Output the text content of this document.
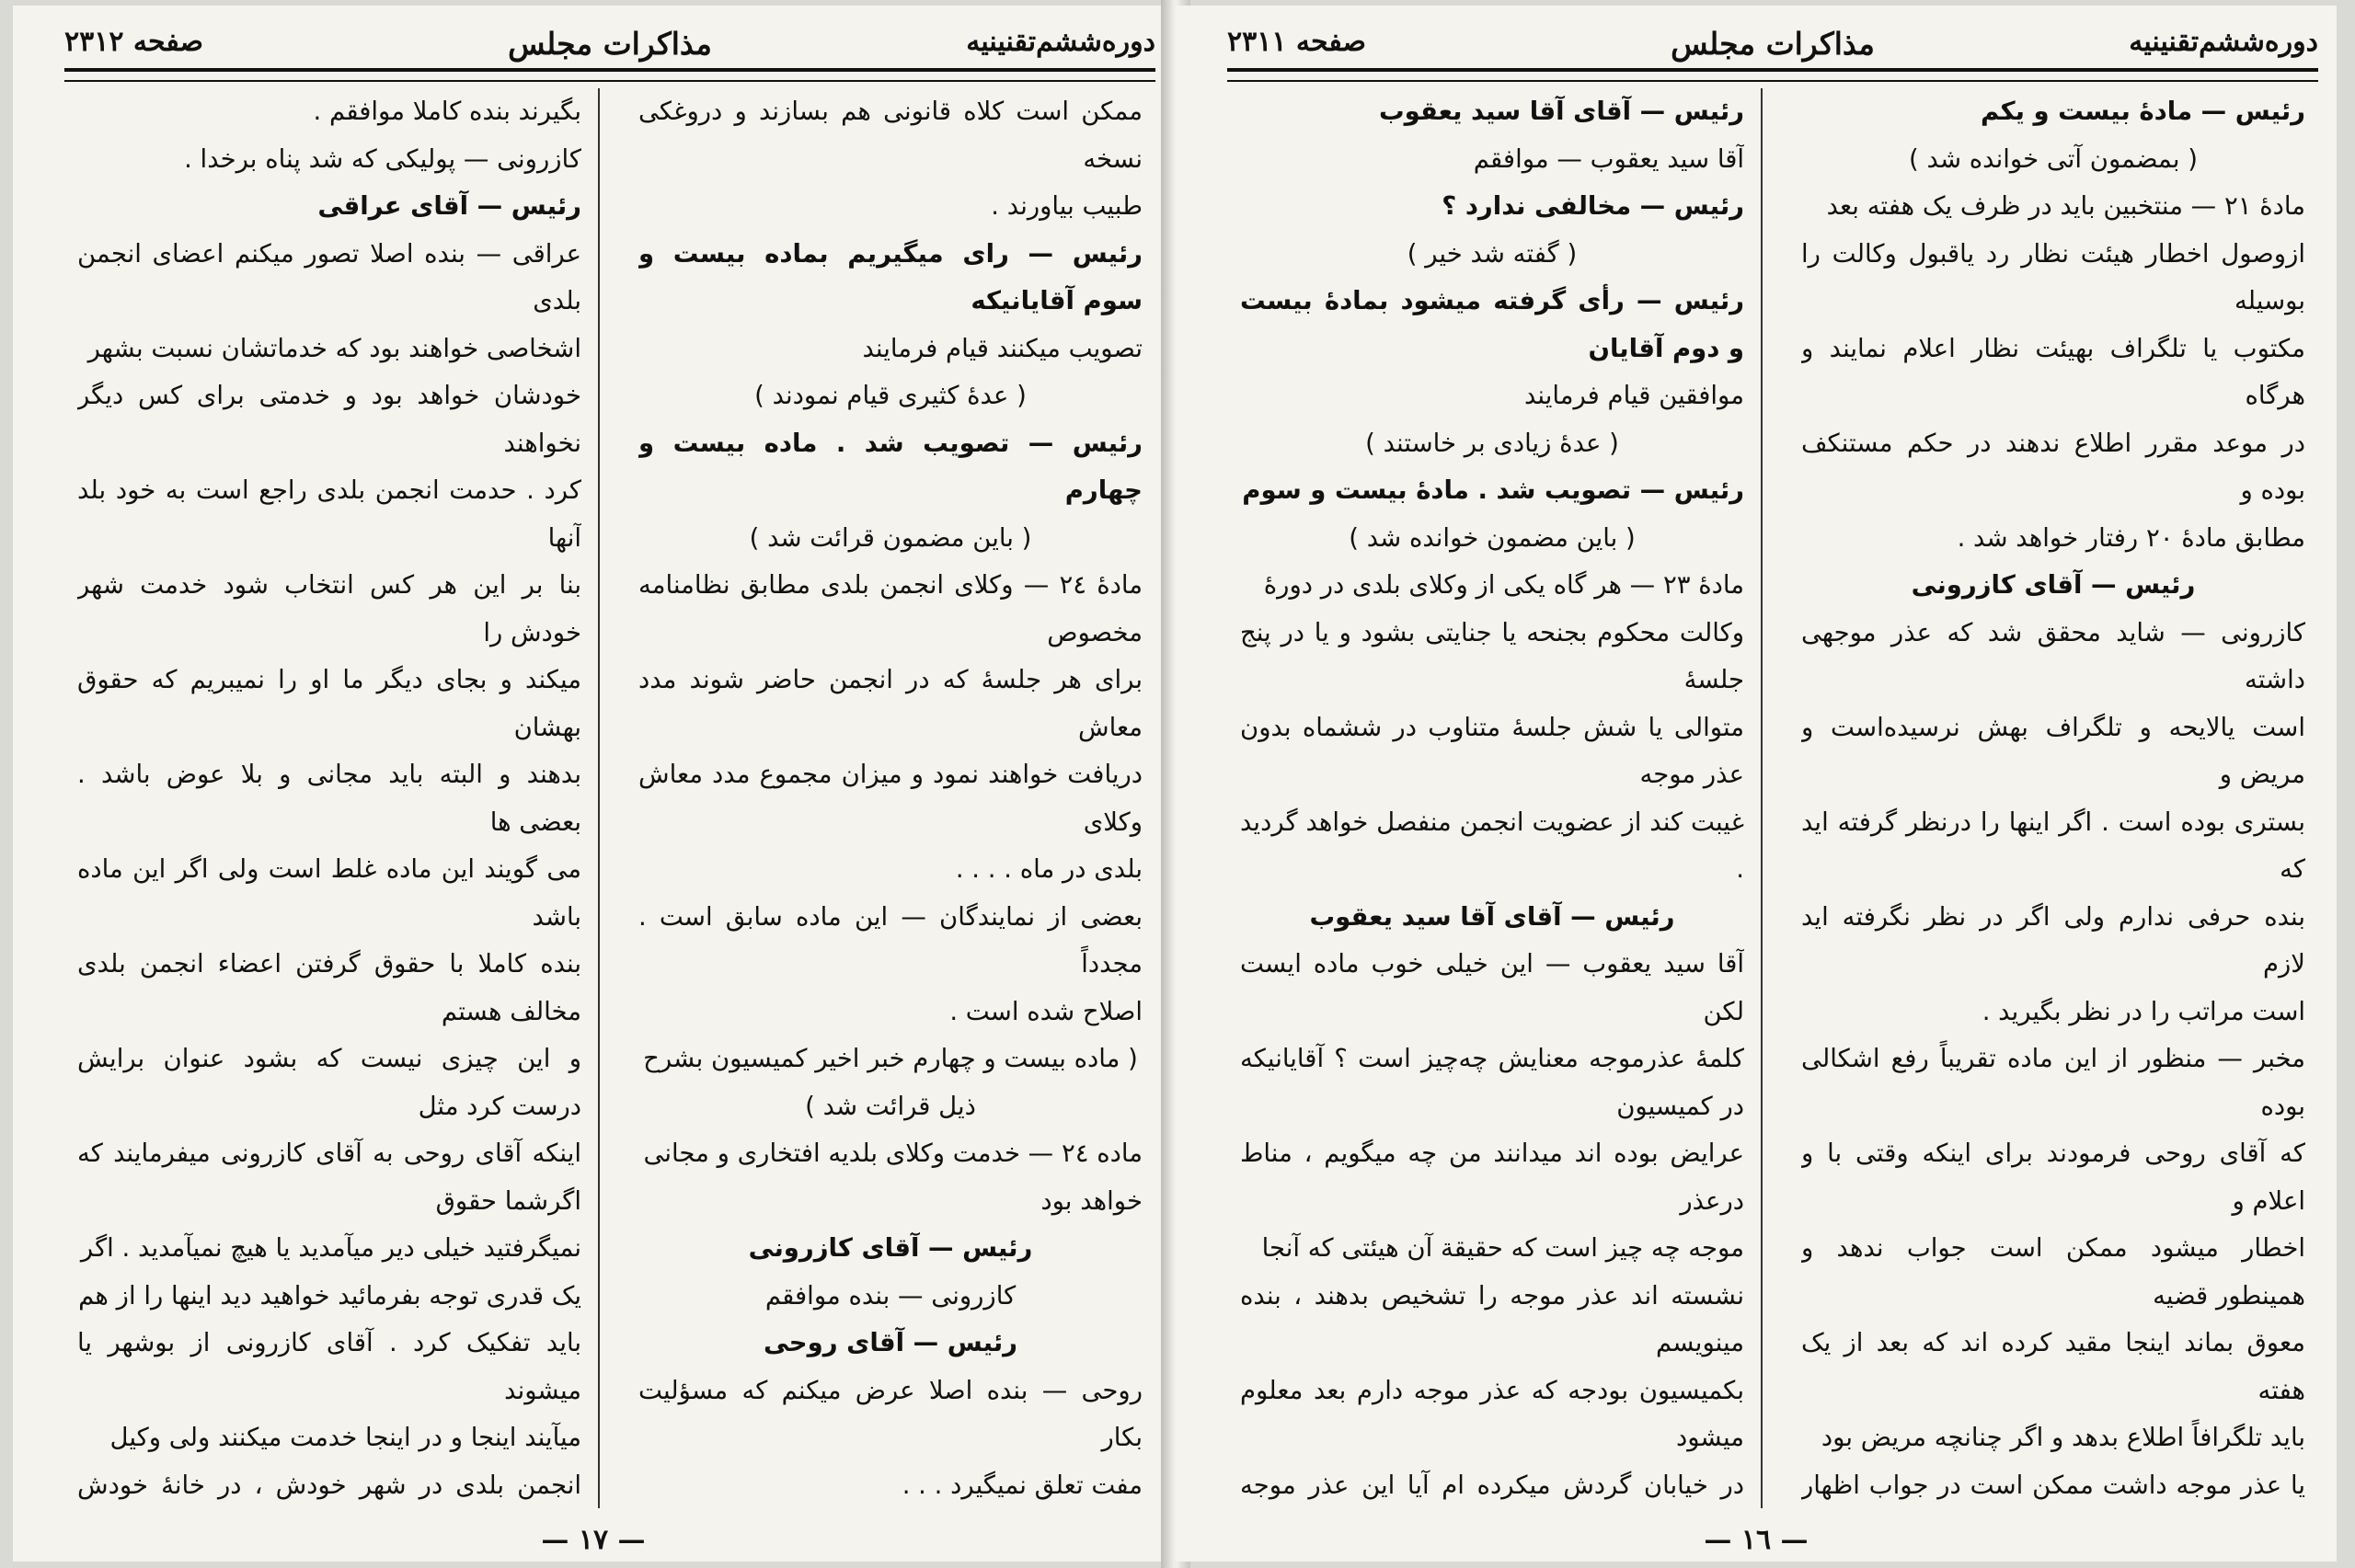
دوره‌ششم‌تقنینیه
مذاکرات مجلس
صفحه ۲۳۱۲

ممکن است کلاه قانونی هم بسازند و دروغکی نسخه

طبیب بیاورند .

رئیس — رای میگیریم بماده بیست و سوم آقایانیکه

تصویب میکنند قیام فرمایند

( عدهٔ کثیری قیام نمودند )

رئیس — تصویب شد . ماده بیست و چهارم

( باین مضمون قرائت شد )

مادهٔ ٢٤ — وکلای انجمن بلدی مطابق نظامنامه مخصوص

برای هر جلسهٔ که در انجمن حاضر شوند مدد معاش

دریافت خواهند نمود و میزان مجموع مدد معاش وکلای

بلدی در ماه . . . .

بعضی از نمایندگان — این ماده سابق است . مجدداً

اصلاح شده است .

( ماده بیست و چهارم خبر اخیر کمیسیون بشرح ذیل قرائت شد )

ماده ٢٤ — خدمت وکلای بلدیه افتخاری و مجانی

خواهد بود

رئیس — آقای کازرونی

کازرونی — بنده موافقم

رئیس — آقای روحی

روحی — بنده اصلا عرض میکنم که مسؤلیت بکار

مفت تعلق نمیگیرد . . .

بگیرند بنده کاملا موافقم .

کازرونی — پولیکی که شد پناه برخدا .

رئیس — آقای عراقی

عراقی — بنده اصلا تصور میکنم اعضای انجمن بلدی

اشخاصی خواهند بود که خدماتشان نسبت بشهر

خودشان خواهد بود و خدمتی برای کس دیگر نخواهند

کرد . حدمت انجمن بلدی راجع است به خود بلد آنها

بنا بر این هر کس انتخاب شود خدمت شهر خودش را

میکند و بجای دیگر ما او را نمیبریم که حقوق بهشان

بدهند و البته باید مجانی و بلا عوض باشد . بعضی ها

می گویند این ماده غلط است ولی اگر این ماده باشد

بنده کاملا با حقوق گرفتن اعضاء انجمن بلدی مخالف هستم

و این چیزی نیست که بشود عنوان برایش درست کرد مثل

اینکه آقای روحی به آقای کازرونی میفرمایند که اگرشما حقوق

نمیگرفتید خیلی دیر میآمدید یا هیچ نمیآمدید . اگر

یک قدری توجه بفرمائید خواهید دید اینها را از هم

باید تفکیک کرد . آقای کازرونی از بوشهر یا میشوند

میآیند اینجا و در اینجا خدمت میکنند ولی وکیل

انجمن بلدی در شهر خودش ، در خانهٔ خودش

— ١٧ —
دوره‌ششم‌تقنینیه
مذاکرات مجلس
صفحه ۲۳۱۱

رئیس — مادهٔ بیست و یکم

( بمضمون آتی خوانده شد )

مادهٔ ٢١ — منتخبین باید در ظرف یک هفته بعد

ازوصول اخطار هیئت نظار رد یاقبول وکالت را بوسیله

مکتوب یا تلگراف بهیئت نظار اعلام نمایند و هرگاه

در موعد مقرر اطلاع ندهند در حکم مستنکف بوده و

مطابق مادهٔ ٢٠ رفتار خواهد شد .

رئیس — آقای کازرونی

کازرونی — شاید محقق شد که عذر موجهی داشته

است یالایحه و تلگراف بهش نرسیده‌است و مریض و

بستری بوده است . اگر اینها را درنظر گرفته اید که

بنده حرفی ندارم ولی اگر در نظر نگرفته اید لازم

است مراتب را در نظر بگیرید .

مخبر — منظور از این ماده تقریباً رفع اشکالی بوده

که آقای روحی فرمودند برای اینکه وقتی با و اعلام و

اخطار میشود ممکن است جواب ندهد و همینطور قضیه

معوق بماند اینجا مقید کرده اند که بعد از یک هفته

باید تلگرافاً اطلاع بدهد و اگر چنانچه مریض بود

یا عذر موجه داشت ممکن است در جواب اظهار

رئیس — آقای آقا سید یعقوب

آقا سید یعقوب — موافقم

رئیس — مخالفی ندارد ؟

( گفته شد خیر )

رئیس — رأی گرفته میشود بمادهٔ بیست و دوم آقایان

موافقین قیام فرمایند

( عدهٔ زیادی بر خاستند )

رئیس — تصویب شد . مادهٔ بیست و سوم

( باین مضمون خوانده شد )

مادهٔ ٢٣ — هر گاه یکی از وکلای بلدی در دورهٔ

وکالت محکوم بجنحه یا جنایتی بشود و یا در پنج جلسهٔ

متوالی یا شش جلسهٔ متناوب در ششماه بدون عذر موجه

غیبت کند از عضویت انجمن منفصل خواهد گردید .

رئیس — آقای آقا سید یعقوب

آقا سید یعقوب — این خیلی خوب ماده ایست لکن

کلمهٔ عذرموجه معنایش چه‌چیز است ؟ آقایانیکه در کمیسیون

عرایض بوده اند میدانند من چه میگویم ، مناط درعذر

موجه چه چیز است که حقیقة آن هیئتی که آنجا

نشسته اند عذر موجه را تشخیص بدهند ، بنده مینویسم

بکمیسیون بودجه که عذر موجه دارم بعد معلوم میشود

در خیابان گردش میکرده ام آیا این عذر موجه

— ١٦ —
